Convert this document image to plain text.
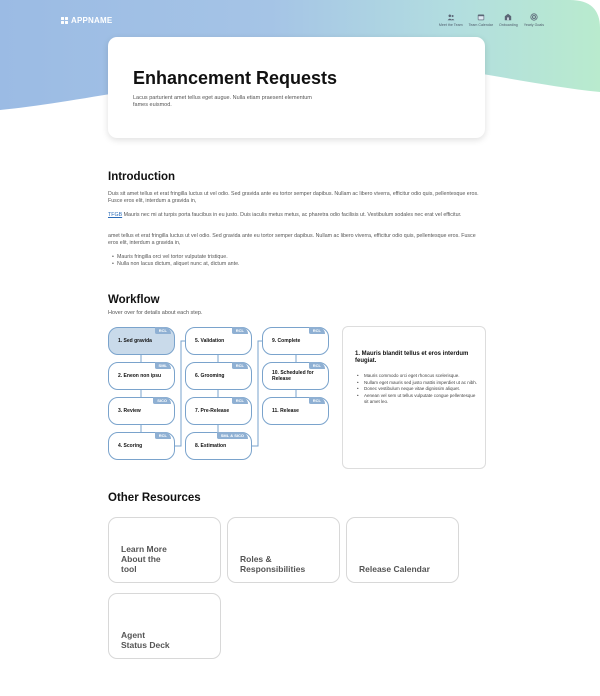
APPNAME	Meet the Team Team Calendar Onboarding Yearly Goals
Enhancement Requests

Lacus parturient amet tellus eget augue. Nulla etiam praesent elementum fames euismod.

Introduction

Duis sit amet tellus et erat fringilla luctus ut vel odio. Sed gravida ante eu tortor semper dapibus. Nullam ac libero viverra, efficitur odio quis, pellentesque eros. Fusce eros elit, interdum a gravida in,

TFGB Mauris nec mi at turpis porta faucibus in eu justo. Duis iaculis metus metus, ac pharetra odio facilisis ut. Vestibulum sodales nec erat vel efficitur.

amet tellus et erat fringilla luctus ut vel odio. Sed gravida ante eu tortor semper dapibus. Nullam ac libero viverra, efficitur odio quis, pellentesque eros. Fusce eros elit, interdum a gravida in,

• Mauris fringilla orci vel tortor vulputate tristique.
• Nulla non lacus dictum, aliquet nunc at, dictum ante.
Workflow
Hover over for details about each step.
RCL
1. Sed gravida
SML
2. Eneon non ipsu
SICO
3. Review
RCL
4. Scoring
RCL
5. Validation
RCL
6. Grooming
RCL
7. Pre-Release
SML & SICO
8. Estimation
RCL
9. Complete
RCL
10. Scheduled for Release
RCL
11. Release
1. Mauris blandit tellus et eros interdum feugiat.
• Mauris commodo orci eget rhoncus scelerisque.
• Nullam eget mauris sed justo mattis imperdiet ut ac nibh.
• Donec vestibulum neque vitae dignissim aliquet.
• Aenean vel sem ut tellus vulputate congue pellentesque sit amet leo.
Other Resources
Learn More
About the
tool
Roles &
Responsibilities	Release Calendar
Agent
Status Deck
